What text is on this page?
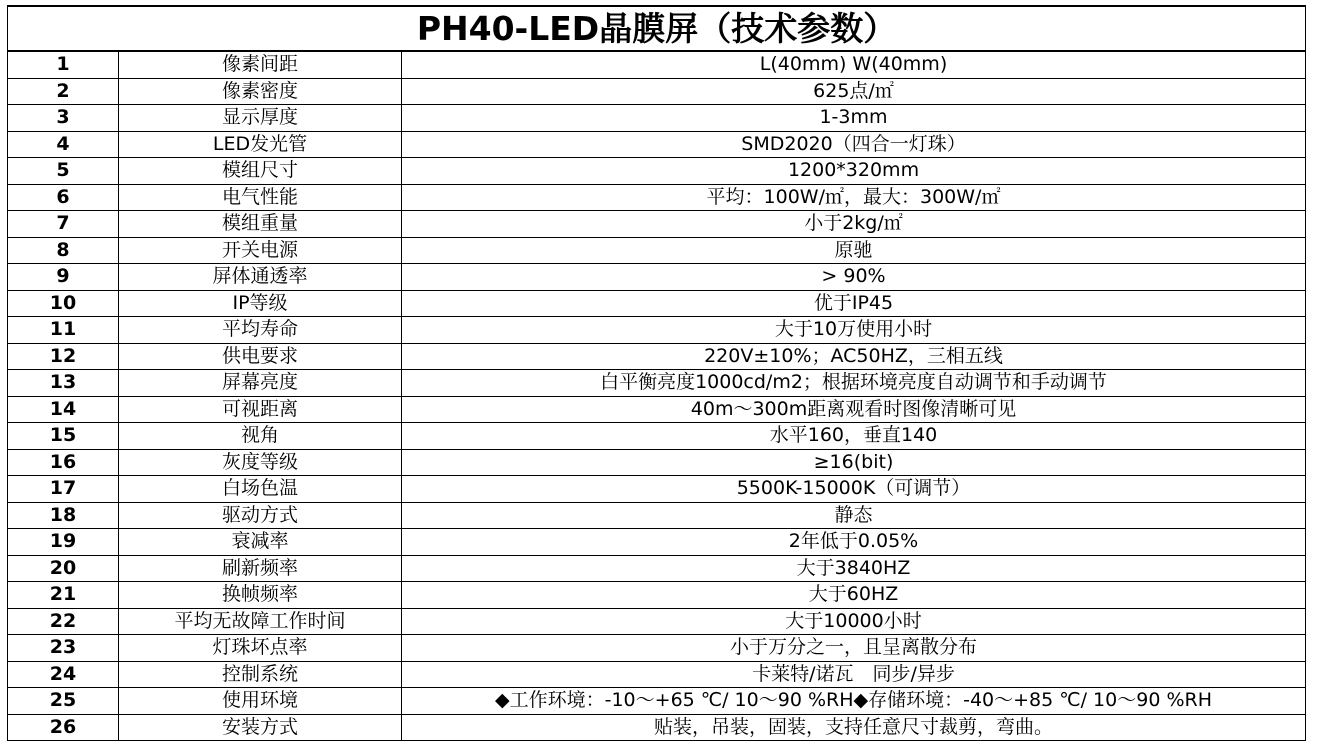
PH40-LED晶膜屏（技术参数）		
1	像素间距	L(40mm) W(40mm)
2	像素密度	625点/㎡
3	显示厚度	1-3mm
4	LED发光管	SMD2020（四合一灯珠）
5	模组尺寸	1200*320mm
6	电气性能	平均：100W/㎡，最大：300W/㎡
7	模组重量	小于2kg/㎡
8	开关电源	原驰
9	屏体通透率	> 90%
10	IP等级	优于IP45
11	平均寿命	大于10万使用小时
12	供电要求	220V±10%；AC50HZ，三相五线
13	屏幕亮度	白平衡亮度1000cd/m2；根据环境亮度自动调节和手动调节
14	可视距离	40m～300m距离观看时图像清晰可见
15	视角	水平160，垂直140
16	灰度等级	≥16(bit)
17	白场色温	5500K-15000K（可调节）
18	驱动方式	静态
19	衰减率	2年低于0.05%
20	刷新频率	大于3840HZ
21	换帧频率	大于60HZ
22	平均无故障工作时间	大于10000小时
23	灯珠坏点率	小于万分之一，且呈离散分布
24	控制系统	卡莱特/诺瓦　同步/异步
25	使用环境	◆工作环境：-10～+65 ℃/ 10～90 %RH◆存储环境：-40～+85 ℃/ 10～90 %RH
26	安装方式	贴装，吊装，固装，支持任意尺寸裁剪，弯曲。
